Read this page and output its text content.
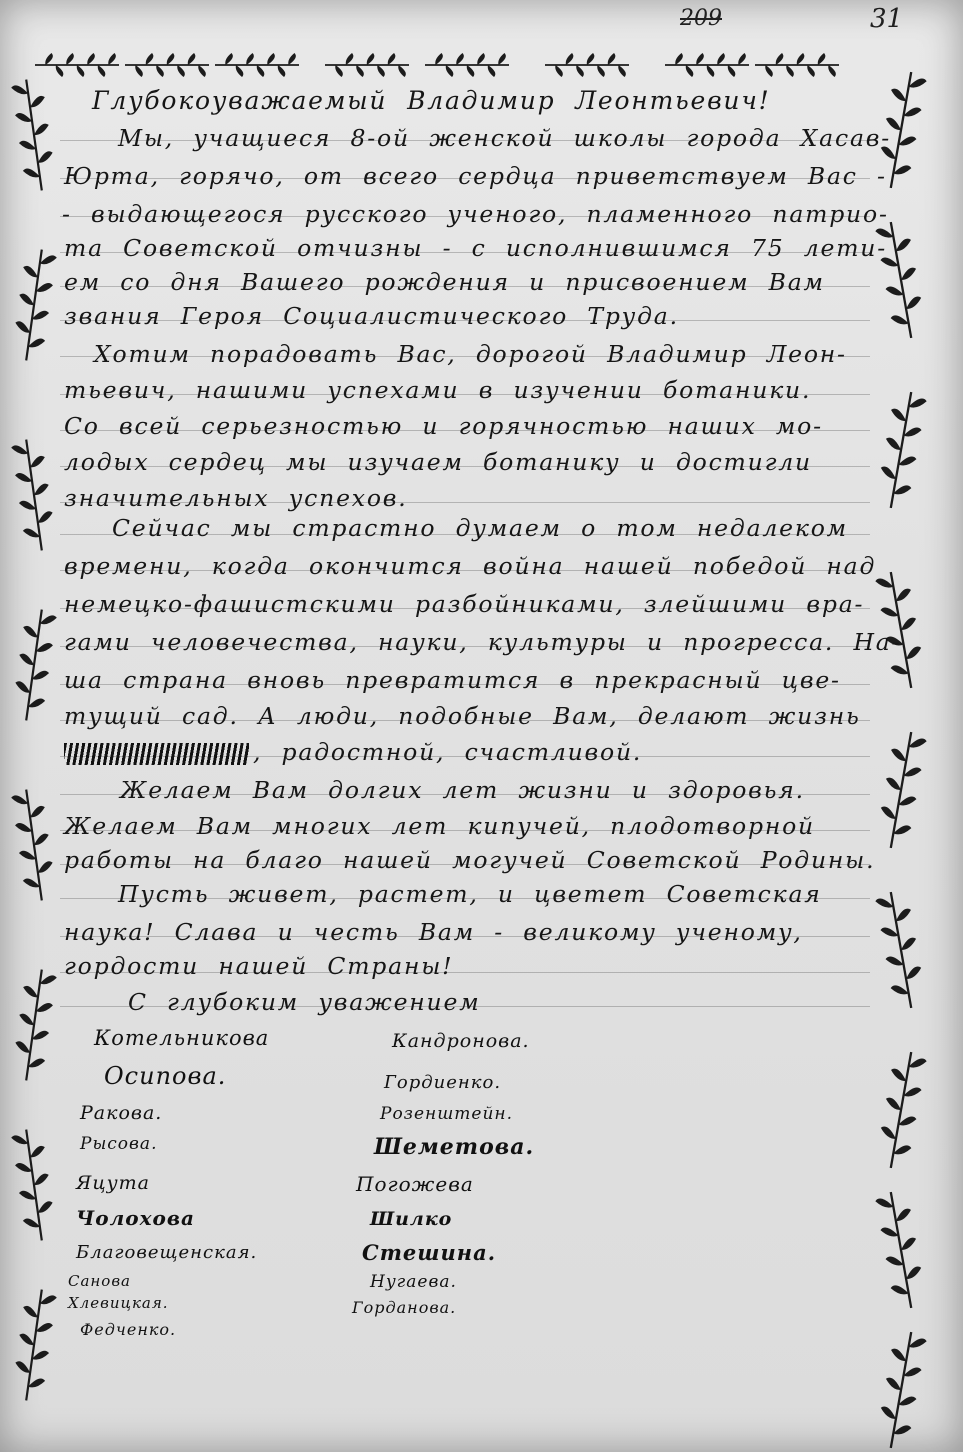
209	31
Глубокоуважаемый Владимир Леонтьевич!
Мы, учащиеся 8-ой женской школы города Хасав-
Юрта, горячо, от всего сердца приветствуем Вас -
- выдающегося русского ученого, пламенного патрио-
та Советской отчизны - с исполнившимся 75 лети-
ем со дня Вашего рождения и присвоением Вам
звания Героя Социалистического Труда.
Хотим порадовать Вас, дорогой Владимир Леон-
тьевич, нашими успехами в изучении ботаники.
Со всей серьезностью и горячностью наших мо-
лодых сердец мы изучаем ботанику и достигли
значительных успехов.
Сейчас мы страстно думаем о том недалеком
времени, когда окончится война нашей победой над
немецко-фашистскими разбойниками, злейшими вра-
гами человечества, науки, культуры и прогресса. На-
ша страна вновь превратится в прекрасный цве-
тущий сад. А люди, подобные Вам, делают жизнь
, радостной, счастливой.
Желаем Вам долгих лет жизни и здоровья.
Желаем Вам многих лет кипучей, плодотворной
работы на благо нашей могучей Советской Родины.
Пусть живет, растет, и цветет Советская
наука! Слава и честь Вам - великому ученому,
гордости нашей Страны!
С глубоким уважением
Котельникова
Осипова.
Ракова.
Рысова.
Яцута
Чолохова
Благовещенская.
Санова
Хлевицкая.
Федченко.
Кандронова.
Гордиенко.
Розенштейн.
Шеметова.
Погожева
Шилко
Стешина.
Нугаева.
Горданова.
